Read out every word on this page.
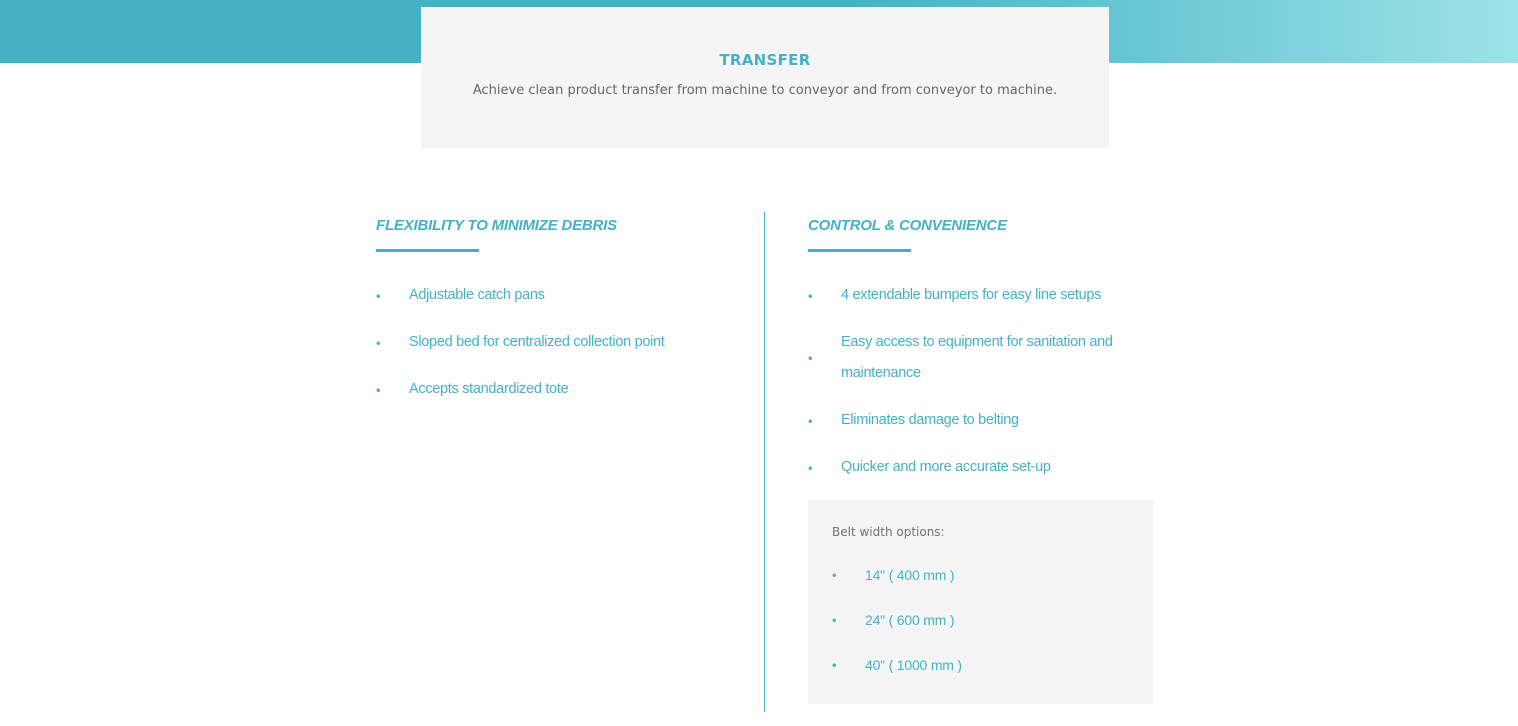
TRANSFER

Achieve clean product transfer from machine to conveyor and from conveyor to machine.

FLEXIBILITY TO MINIMIZE DEBRIS
• Adjustable catch pans
• Sloped bed for centralized collection point
• Accepts standardized tote
CONTROL & CONVENIENCE
• 4 extendable bumpers for easy line setups
•
Easy access to equipment for sanitation and maintenance
• Eliminates damage to belting
• Quicker and more accurate set-up

Belt width options:

• 14" ( 400 mm )
• 24" ( 600 mm )
• 40" ( 1000 mm )
